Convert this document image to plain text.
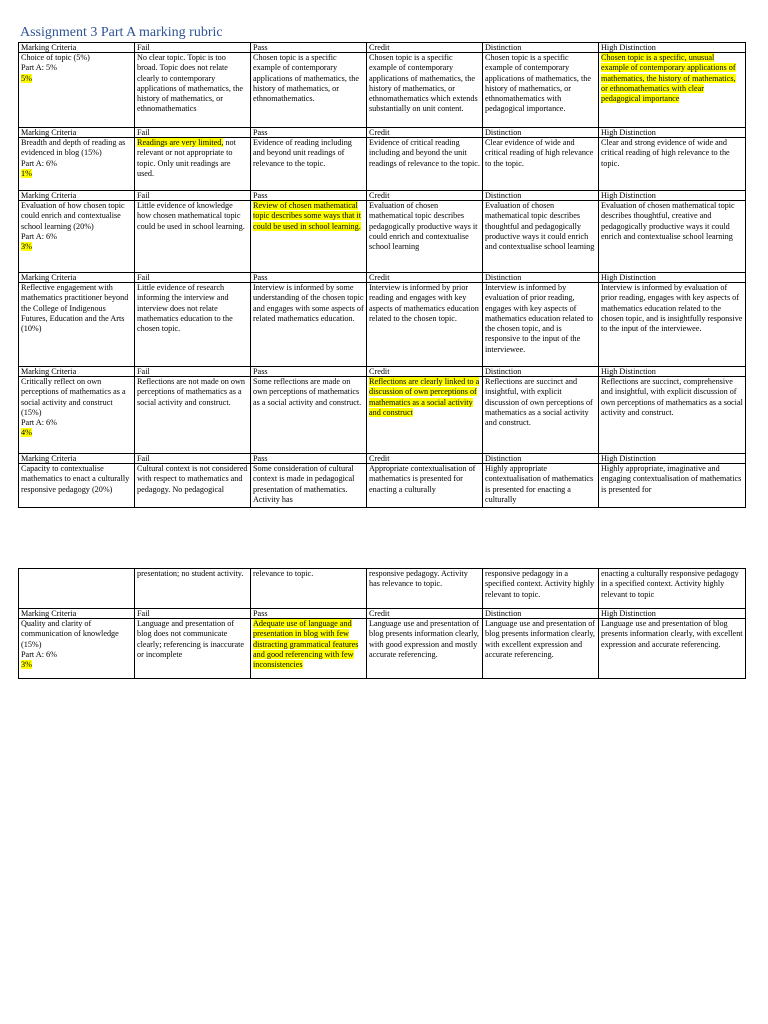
Assignment 3 Part A marking rubric
Marking Criteria	Fail	Pass	Credit	Distinction	High Distinction

Choice of topic (5%)
Part A: 5%
5%	No clear topic. Topic is too broad. Topic does not relate clearly to contemporary applications of mathematics, the history of mathematics, or ethnomathematics	Chosen topic is a specific example of contemporary applications of mathematics, the history of mathematics, or ethnomathematics.	Chosen topic is a specific example of contemporary applications of mathematics, the history of mathematics, or ethnomathematics which extends substantially on unit content.	Chosen topic is a specific example of contemporary applications of mathematics, the history of mathematics, or ethnomathematics with pedagogical importance.	Chosen topic is a specific, unusual example of contemporary applications of mathematics, the history of mathematics, or ethnomathematics with clear pedagogical importance
Marking Criteria	Fail	Pass	Credit	Distinction	High Distinction

Breadth and depth of reading as evidenced in blog (15%)
Part A: 6%
1%	Readings are very limited, not relevant or not appropriate to topic. Only unit readings are used.	Evidence of reading including and beyond unit readings of relevance to the topic.	Evidence of critical reading including and beyond the unit readings of relevance to the topic.	Clear evidence of wide and critical reading of high relevance to the topic.	Clear and strong evidence of wide and critical reading of high relevance to the topic.
Marking Criteria	Fail	Pass	Credit	Distinction	High Distinction

Evaluation of how chosen topic could enrich and contextualise school learning (20%)
Part A: 6%
3%	Little evidence of knowledge how chosen mathematical topic could be used in school learning.	Review of chosen mathematical topic describes some ways that it could be used in school learning.	Evaluation of chosen mathematical topic describes pedagogically productive ways it could enrich and contextualise school learning	Evaluation of chosen mathematical topic describes thoughtful and pedagogically productive ways it could enrich and contextualise school learning	Evaluation of chosen mathematical topic describes thoughtful, creative and pedagogically productive ways it could enrich and contextualise school learning
Marking Criteria	Fail	Pass	Credit	Distinction	High Distinction

Reflective engagement with mathematics practitioner beyond the College of Indigenous Futures, Education and the Arts (10%)	Little evidence of research informing the interview and interview does not relate mathematics education to the chosen topic.	Interview is informed by some understanding of the chosen topic and engages with some aspects of related mathematics education.	Interview is informed by prior reading and engages with key aspects of mathematics education related to the chosen topic.	Interview is informed by evaluation of prior reading, engages with key aspects of mathematics education related to the chosen topic, and is responsive to the input of the interviewee.	Interview is informed by evaluation of prior reading, engages with key aspects of mathematics education related to the chosen topic, and is insightfully responsive to the input of the interviewee.
Marking Criteria	Fail	Pass	Credit	Distinction	High Distinction

Critically reflect on own perceptions of mathematics as a social activity and construct (15%)
Part A: 6%
4%	Reflections are not made on own perceptions of mathematics as a social activity and construct.	Some reflections are made on own perceptions of mathematics as a social activity and construct.	Reflections are clearly linked to a discussion of own perceptions of mathematics as a social activity and construct	Reflections are succinct and insightful, with explicit discussion of own perceptions of mathematics as a social activity and construct.	Reflections are succinct, comprehensive and insightful, with explicit discussion of own perceptions of mathematics as a social activity and construct.
Marking Criteria	Fail	Pass	Credit	Distinction	High Distinction

Capacity to contextualise mathematics to enact a culturally responsive pedagogy (20%)	Cultural context is not considered with respect to mathematics and pedagogy. No pedagogical	Some consideration of cultural context is made in pedagogical presentation of mathematics. Activity has	Appropriate contextualisation of mathematics is presented for enacting a culturally	Highly appropriate contextualisation of mathematics is presented for enacting a culturally	Highly appropriate, imaginative and engaging contextualisation of mathematics is presented for
	presentation; no student activity.	relevance to topic.	responsive pedagogy. Activity has relevance to topic.	responsive pedagogy in a specified context. Activity highly relevant to topic.	enacting a culturally responsive pedagogy in a specified context. Activity highly relevant to topic
Marking Criteria	Fail	Pass	Credit	Distinction	High Distinction

Quality and clarity of communication of knowledge (15%)
Part A: 6%
3%	Language and presentation of blog does not communicate clearly; referencing is inaccurate or incomplete	Adequate use of language and presentation in blog with few distracting grammatical features and good referencing with few inconsistencies	Language use and presentation of blog presents information clearly, with good expression and mostly accurate referencing.	Language use and presentation of blog presents information clearly, with excellent expression and accurate referencing.	Language use and presentation of blog presents information clearly, with excellent expression and accurate referencing.
